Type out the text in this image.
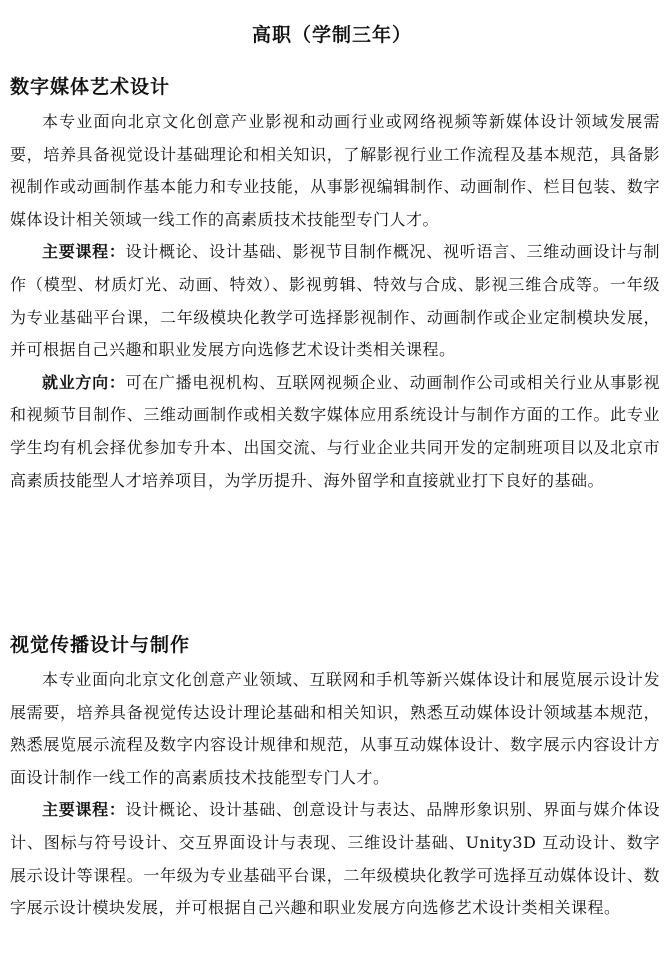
高职（学制三年）
数字媒体艺术设计

本专业面向北京文化创意产业影视和动画行业或网络视频等新媒体设计领域发展需要，培养具备视觉设计基础理论和相关知识，了解影视行业工作流程及基本规范，具备影视制作或动画制作基本能力和专业技能，从事影视编辑制作、动画制作、栏目包装、数字媒体设计相关领域一线工作的高素质技术技能型专门人才。

主要课程：设计概论、设计基础、影视节目制作概况、视听语言、三维动画设计与制作（模型、材质灯光、动画、特效）、影视剪辑、特效与合成、影视三维合成等。一年级为专业基础平台课，二年级模块化教学可选择影视制作、动画制作或企业定制模块发展，并可根据自己兴趣和职业发展方向选修艺术设计类相关课程。

就业方向：可在广播电视机构、互联网视频企业、动画制作公司或相关行业从事影视和视频节目制作、三维动画制作或相关数字媒体应用系统设计与制作方面的工作。此专业学生均有机会择优参加专升本、出国交流、与行业企业共同开发的定制班项目以及北京市高素质技能型人才培养项目，为学历提升、海外留学和直接就业打下良好的基础。

视觉传播设计与制作

本专业面向北京文化创意产业领域、互联网和手机等新兴媒体设计和展览展示设计发展需要，培养具备视觉传达设计理论基础和相关知识，熟悉互动媒体设计领域基本规范，熟悉展览展示流程及数字内容设计规律和规范，从事互动媒体设计、数字展示内容设计方面设计制作一线工作的高素质技术技能型专门人才。

主要课程：设计概论、设计基础、创意设计与表达、品牌形象识别、界面与媒介体设计、图标与符号设计、交互界面设计与表现、三维设计基础、Unity3D 互动设计、数字展示设计等课程。一年级为专业基础平台课，二年级模块化教学可选择互动媒体设计、数字展示设计模块发展，并可根据自己兴趣和职业发展方向选修艺术设计类相关课程。
